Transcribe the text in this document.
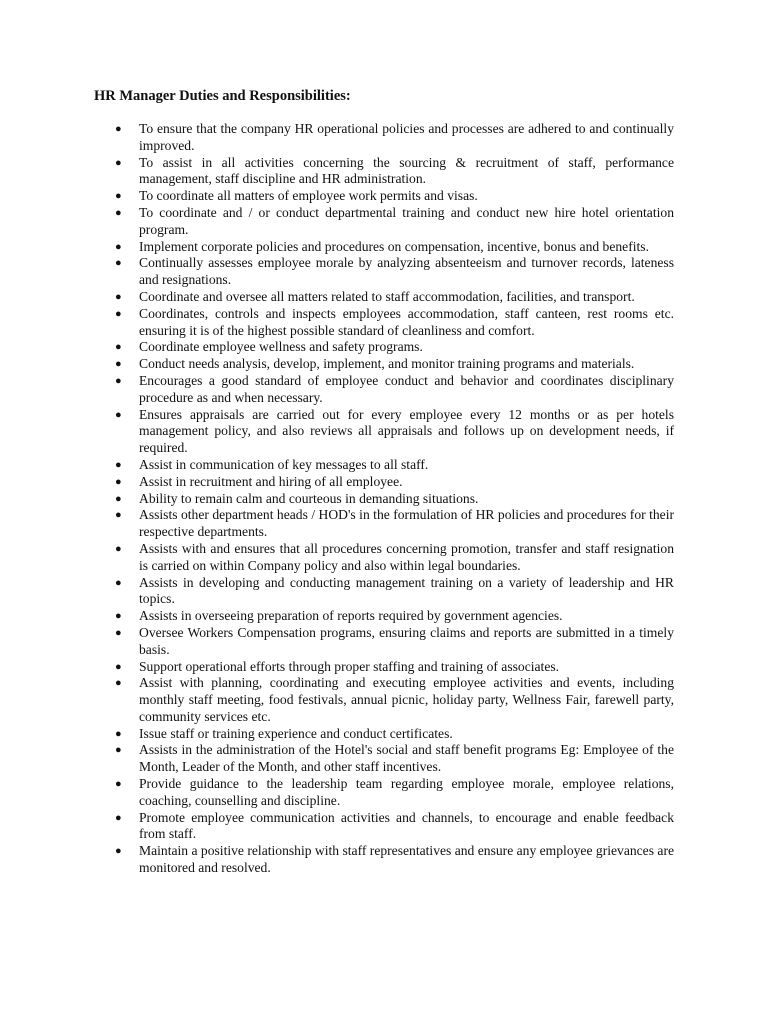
HR Manager Duties and Responsibilities:
● To ensure that the company HR operational policies and processes are adhered to and continually improved.
● To assist in all activities concerning the sourcing & recruitment of staff, performance management, staff discipline and HR administration.
● To coordinate all matters of employee work permits and visas.
● To coordinate and / or conduct departmental training and conduct new hire hotel orientation program.
● Implement corporate policies and procedures on compensation, incentive, bonus and benefits.
● Continually assesses employee morale by analyzing absenteeism and turnover records, lateness and resignations.
● Coordinate and oversee all matters related to staff accommodation, facilities, and transport.
● Coordinates, controls and inspects employees accommodation, staff canteen, rest rooms etc. ensuring it is of the highest possible standard of cleanliness and comfort.
● Coordinate employee wellness and safety programs.
● Conduct needs analysis, develop, implement, and monitor training programs and materials.
● Encourages a good standard of employee conduct and behavior and coordinates disciplinary procedure as and when necessary.
● Ensures appraisals are carried out for every employee every 12 months or as per hotels management policy, and also reviews all appraisals and follows up on development needs, if required.
● Assist in communication of key messages to all staff.
● Assist in recruitment and hiring of all employee.
● Ability to remain calm and courteous in demanding situations.
● Assists other department heads / HOD's in the formulation of HR policies and procedures for their respective departments.
● Assists with and ensures that all procedures concerning promotion, transfer and staff resignation is carried on within Company policy and also within legal boundaries.
● Assists in developing and conducting management training on a variety of leadership and HR topics.
● Assists in overseeing preparation of reports required by government agencies.
● Oversee Workers Compensation programs, ensuring claims and reports are submitted in a timely basis.
● Support operational efforts through proper staffing and training of associates.
● Assist with planning, coordinating and executing employee activities and events, including monthly staff meeting, food festivals, annual picnic, holiday party, Wellness Fair, farewell party, community services etc.
● Issue staff or training experience and conduct certificates.
● Assists in the administration of the Hotel's social and staff benefit programs Eg: Employee of the Month, Leader of the Month, and other staff incentives.
● Provide guidance to the leadership team regarding employee morale, employee relations, coaching, counselling and discipline.
● Promote employee communication activities and channels, to encourage and enable feedback from staff.
● Maintain a positive relationship with staff representatives and ensure any employee grievances are monitored and resolved.
